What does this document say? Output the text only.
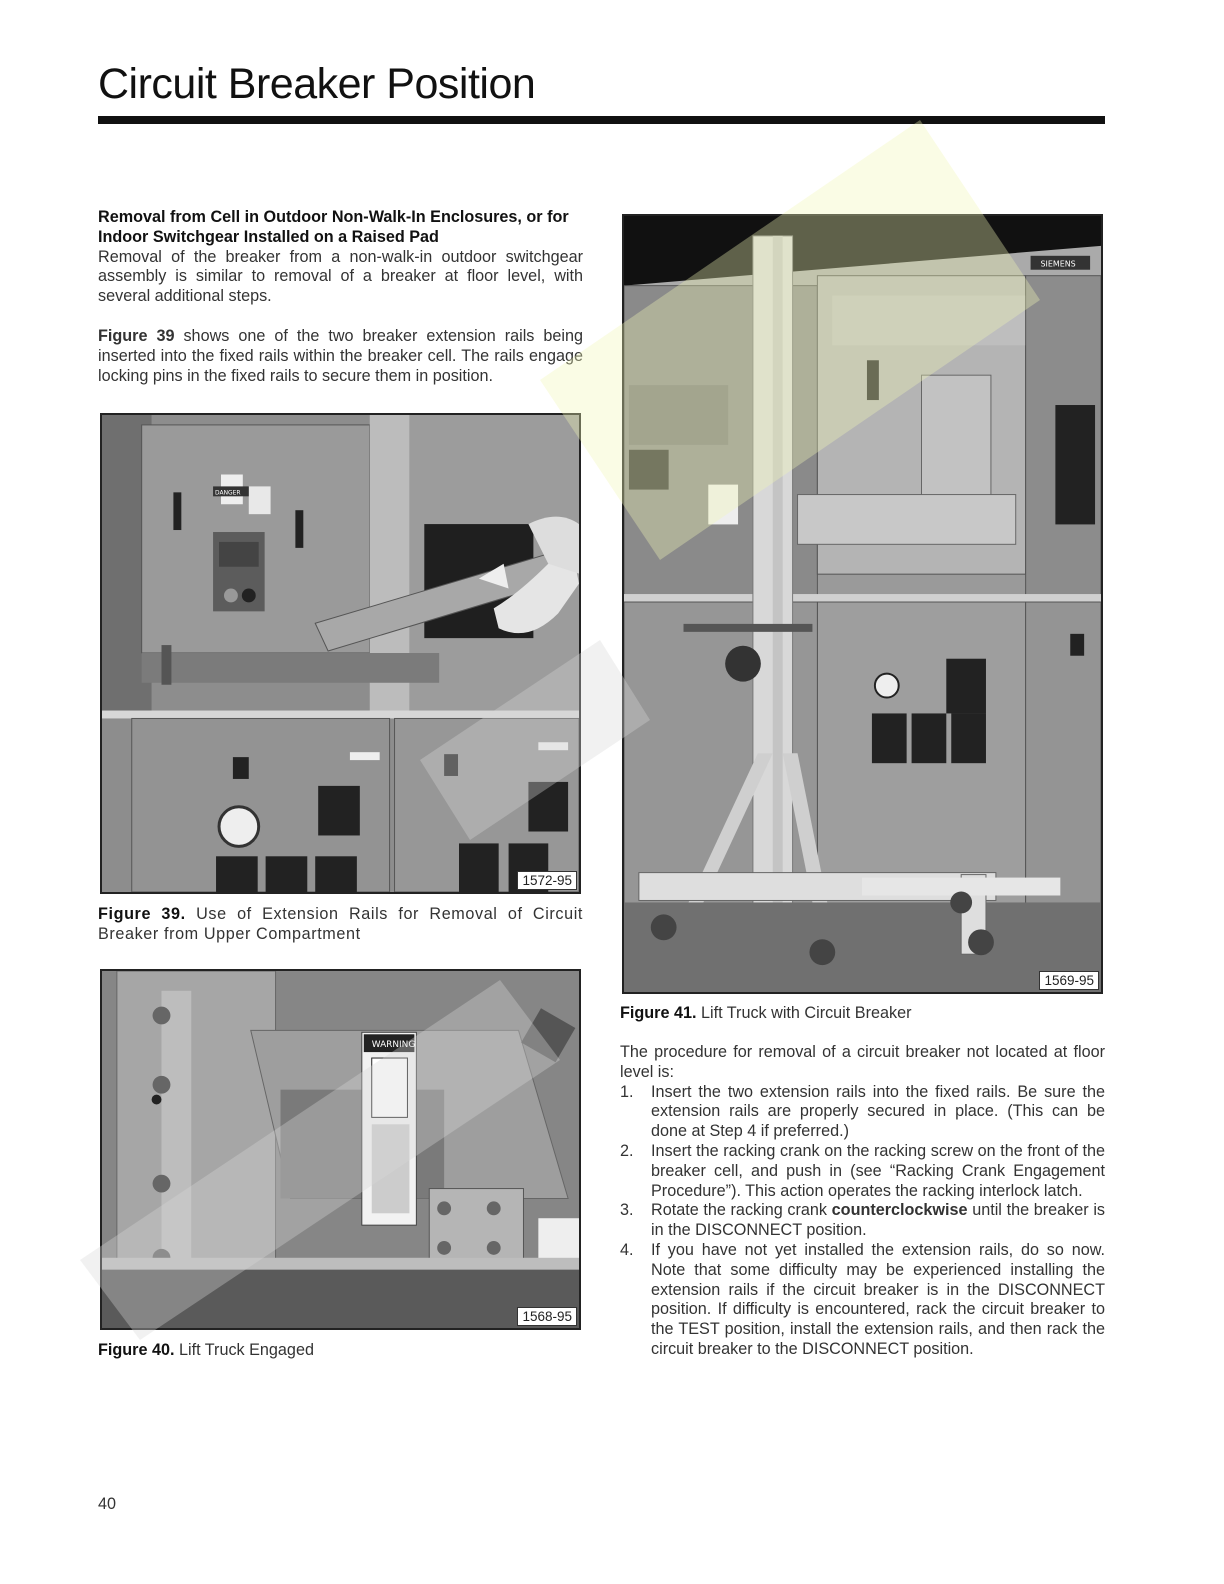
Circuit Breaker Position

Removal from Cell in Outdoor Non-Walk-In Enclosures, or for Indoor Switchgear Installed on a Raised Pad

Removal of the breaker from a non-walk-in outdoor switchgear assembly is similar to removal of a breaker at floor level, with several additional steps.

Figure 39 shows one of the two breaker extension rails being inserted into the fixed rails within the breaker cell. The rails engage locking pins in the fixed rails to secure them in position.

DANGER
1572-95
Figure 39. Use of Extension Rails for Removal of Circuit Breaker from Upper Compartment
WARNING
1568-95
Figure 40. Lift Truck Engaged
SIEMENS
1569-95
Figure 41. Lift Truck with Circuit Breaker

The procedure for removal of a circuit breaker not located at floor level is:

1. Insert the two extension rails into the fixed rails. Be sure the extension rails are properly secured in place. (This can be done at Step 4 if preferred.)
2. Insert the racking crank on the racking screw on the front of the breaker cell, and push in (see “Racking Crank Engagement Procedure”). This action operates the racking interlock latch.
3. Rotate the racking crank counterclockwise until the breaker is in the DISCONNECT position.
4. If you have not yet installed the extension rails, do so now. Note that some difficulty may be experienced installing the extension rails if the circuit breaker is in the DISCONNECT position. If difficulty is encountered, rack the circuit breaker to the TEST position, install the extension rails, and then rack the circuit breaker to the DISCONNECT position.
40
